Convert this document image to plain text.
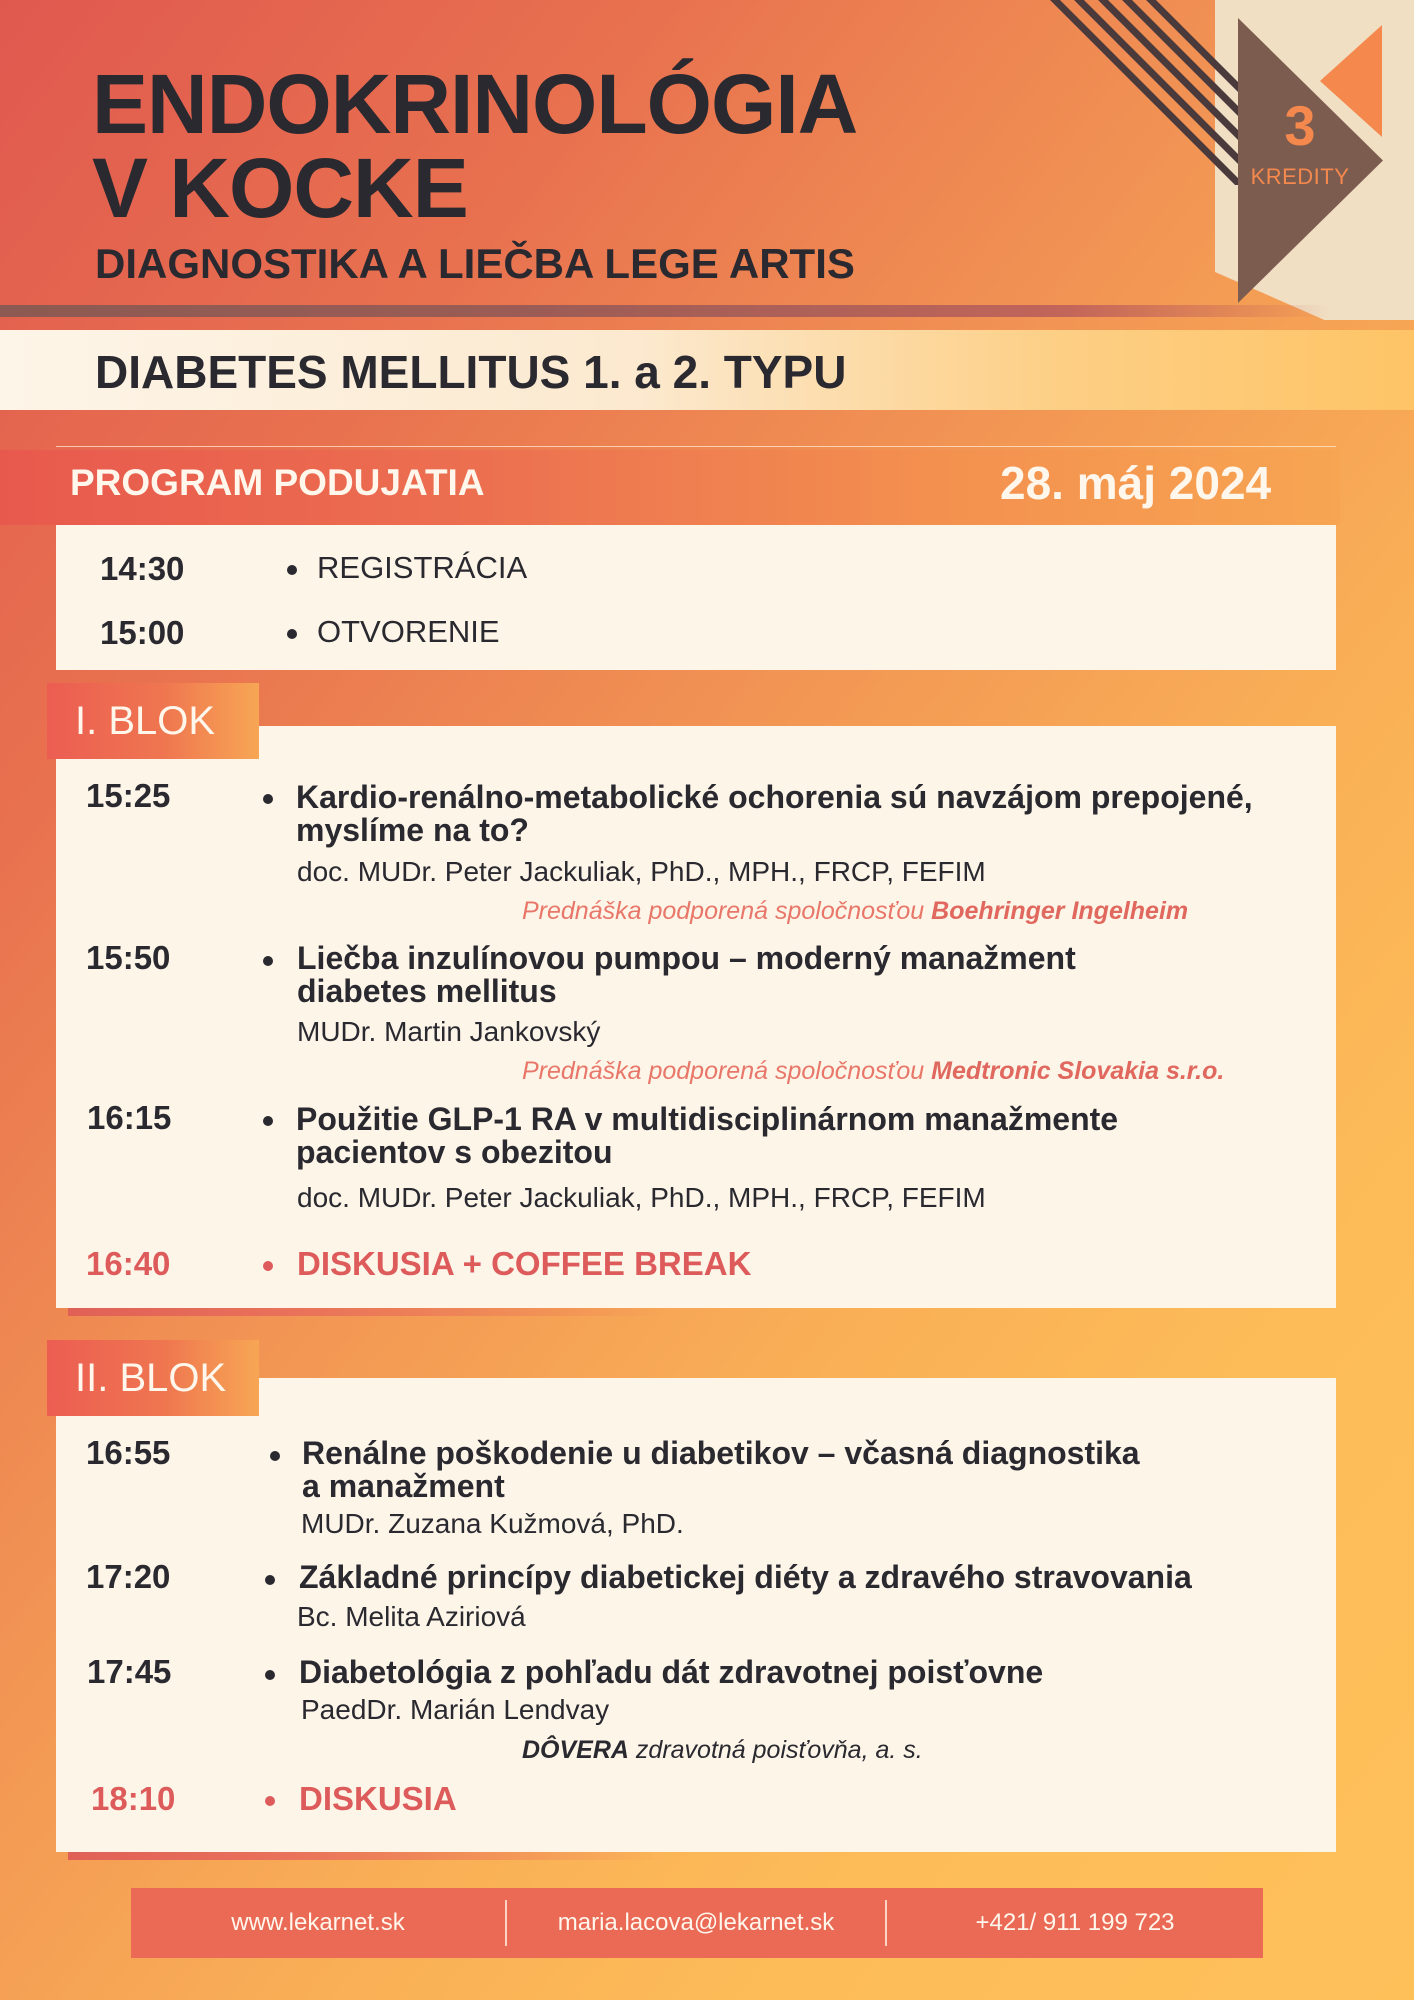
3
KREDITY
ENDOKRINOLÓGIA
V KOCKE
DIAGNOSTIKA A LIEČBA LEGE ARTIS
DIABETES MELLITUS 1. a 2. TYPU
PROGRAM PODUJATIA	28. máj 2024
14:30	REGISTRÁCIA
15:00	OTVORENIE
I. BLOK
15:25	Kardio-renálno-metabolické ochorenia sú navzájom prepojené,
myslíme na to?
doc. MUDr. Peter Jackuliak, PhD., MPH., FRCP, FEFIM
Prednáška podporená spoločnosťou Boehringer Ingelheim
15:50	Liečba inzulínovou pumpou – moderný manažment
diabetes mellitus
MUDr. Martin Jankovský
Prednáška podporená spoločnosťou Medtronic Slovakia s.r.o.
16:15	Použitie GLP-1 RA v multidisciplinárnom manažmente
pacientov s obezitou
doc. MUDr. Peter Jackuliak, PhD., MPH., FRCP, FEFIM
16:40	DISKUSIA + COFFEE BREAK
II. BLOK
16:55	Renálne poškodenie u diabetikov – včasná diagnostika
a manažment
MUDr. Zuzana Kužmová, PhD.
17:20	Základné princípy diabetickej diéty a zdravého stravovania
Bc. Melita Aziriová
17:45	Diabetológia z pohľadu dát zdravotnej poisťovne
PaedDr. Marián Lendvay
DÔVERA zdravotná poisťovňa, a. s.
18:10	DISKUSIA
www.lekarnet.sk	maria.lacova@lekarnet.sk	+421/ 911 199 723
